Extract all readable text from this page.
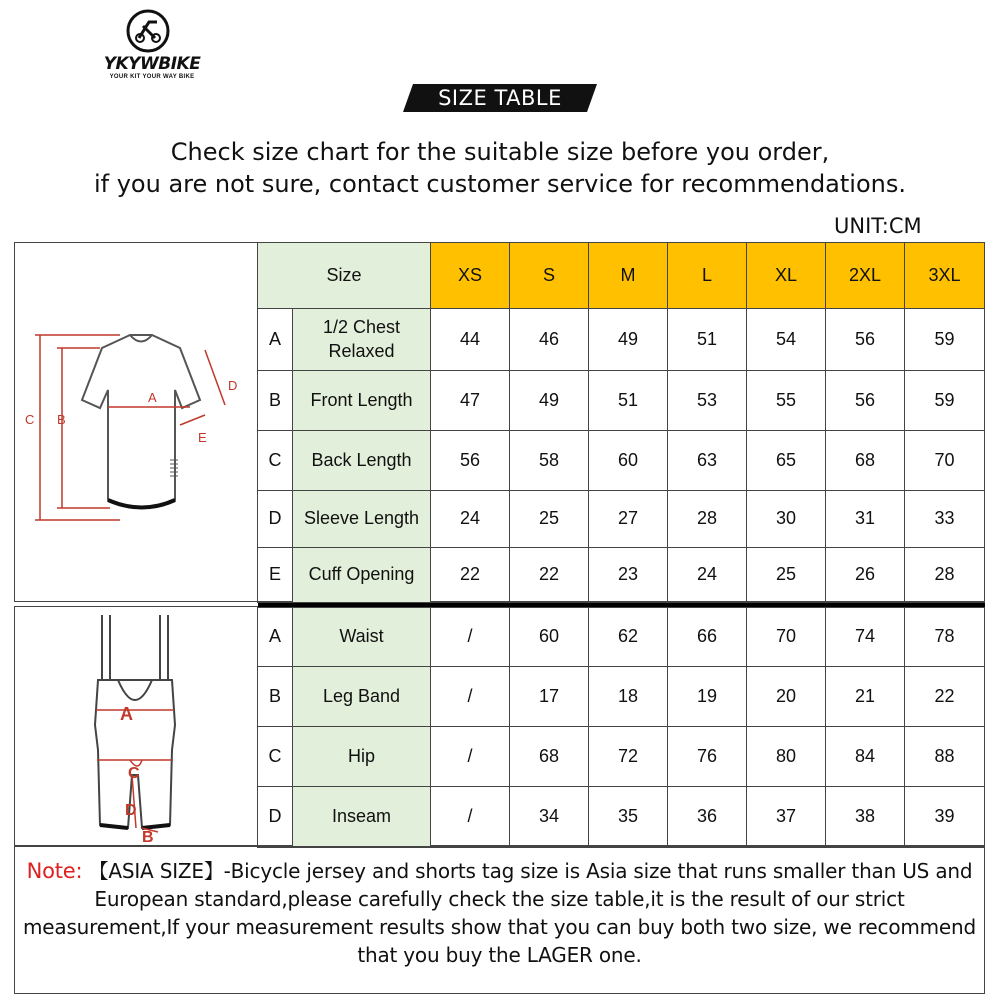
YKYWBIKE
YOUR KIT YOUR WAY BIKE
SIZE TABLE
Check size chart for the suitable size before you order,
if you are not sure, contact customer service for recommendations.
UNIT:CM
C B
A
D
E
A
C
D
B
Size		XS	S	M	L	XL	2XL	3XL
A	1/2 Chest Relaxed	44	46	49	51	54	56	59
B	Front Length	47	49	51	53	55	56	59
C	Back Length	56	58	60	63	65	68	70
D	Sleeve Length	24	25	27	28	30	31	33
E	Cuff Opening	22	22	23	24	25	26	28

A	Waist	/	60	62	66	70	74	78
B	Leg Band	/	17	18	19	20	21	22
C	Hip	/	68	72	76	80	84	88
D	Inseam	/	34	35	36	37	38	39
Note: 【ASIA SIZE】-Bicycle jersey and shorts tag size is Asia size that runs smaller than US and European standard,please carefully check the size table,it is the result of our strict measurement,If your measurement results show that you can buy both two size, we recommend that you buy the LAGER one.
